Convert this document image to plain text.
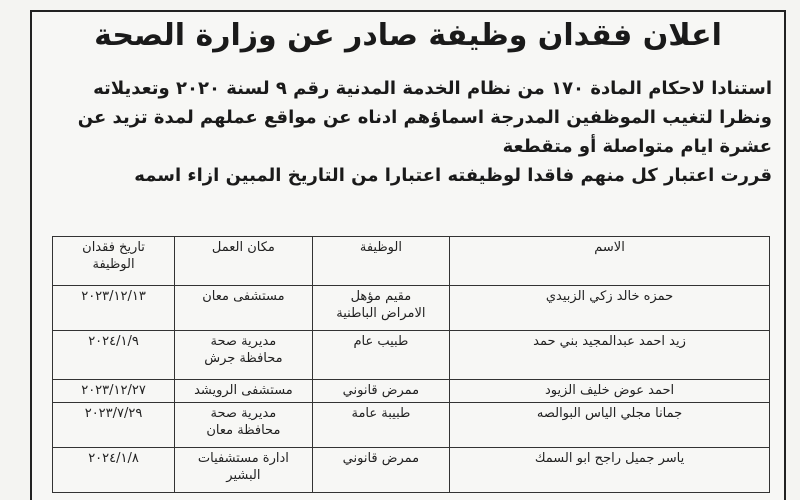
اعلان فقدان وظيفة صادر عن وزارة الصحة

استنادا لاحكام المادة ١٧٠ من نظام الخدمة المدنية رقم ٩ لسنة ٢٠٢٠ وتعديلاته

ونظرا لتغيب الموظفين المدرجة اسماؤهم ادناه عن مواقع عملهم لمدة تزيد عن

عشرة ايام متواصلة أو متقطعة

قررت اعتبار كل منهم فاقدا لوظيفته اعتبارا من التاريخ المبين ازاء اسمه

الاسم	الوظيفة	مكان العمل	تاريخ فقدان
الوظيفة

حمزه خالد زكي الزبيدي	مقيم مؤهل
الامراض الباطنية	مستشفى معان	٢٠٢٣/١٢/١٣
زيد احمد عبدالمجيد بني حمد	طبيب عام	مديرية صحة
محافظة جرش	٢٠٢٤/١/٩
احمد عوض خليف الزيود	ممرض قانوني	مستشفى الرويشد	٢٠٢٣/١٢/٢٧
جمانا مجلي الياس البوالصه	طبيبة عامة	مديرية صحة
محافظة معان	٢٠٢٣/٧/٢٩
ياسر جميل راجح ابو السمك	ممرض قانوني	ادارة مستشفيات
البشير	٢٠٢٤/١/٨
